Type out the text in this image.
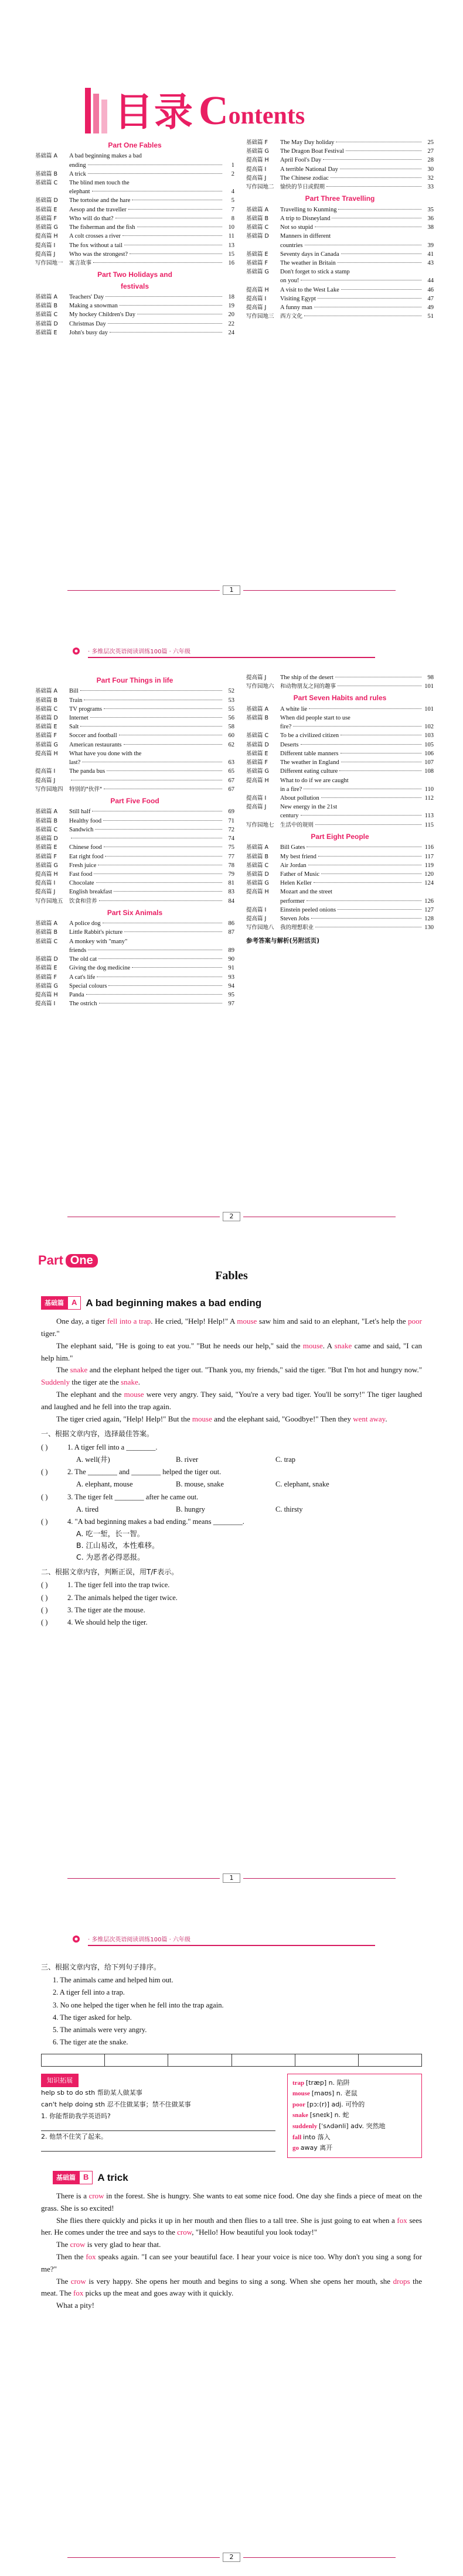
目录 C ontents
Part One Fables
基础篇 A	A bad beginning makes a bad
ending	1
基础篇 B	A trick	2
基础篇 C	The blind men touch the
elephant	4
基础篇 D	The tortoise and the hare	5
基础篇 E	Aesop and the traveller	7
基础篇 F	Who will do that?	8
基础篇 G	The fisherman and the fish	10
提高篇 H	A colt crosses a river	11
提高篇 I	The fox without a tail	13
提高篇 J	Who was the strongest?	15
写作园地一	寓言故事	16
Part Two Holidays and
festivals
基础篇 A	Teachers' Day	18
基础篇 B	Making a snowman	19
基础篇 C	My hockey Children's Day	20
基础篇 D	Christmas Day	22
基础篇 E	John's busy day	24
基础篇 F	The May Day holiday	25
基础篇 G	The Dragon Boat Festival	27
提高篇 H	April Fool's Day	28
提高篇 I	A terrible National Day	30
提高篇 J	The Chinese zodiac	32
写作园地二	愉快的节日或假期	33
Part Three Travelling
基础篇 A	Travelling to Kunming	35
基础篇 B	A trip to Disneyland	36
基础篇 C	Not so stupid	38
基础篇 D	Manners in different
countries	39
基础篇 E	Seventy days in Canada	41
基础篇 F	The weather in Britain	43
基础篇 G	Don't forget to stick a stamp
on you!	44
提高篇 H	A visit to the West Lake	46
提高篇 I	Visiting Egypt	47
提高篇 J	A funny man	49
写作园地三	西方文化	51
1
· 多维层次英语阅读训练100篇 · 六年级
Part Four Things in life
基础篇 A	Bill	52
基础篇 B	Train	53
基础篇 C	TV programs	55
基础篇 D	Internet	56
基础篇 E	Salt	58
基础篇 F	Soccer and football	60
基础篇 G	American restaurants	62
提高篇 H	What have you done with the
last?	63
提高篇 I	The panda bus	65
提高篇 J	67
写作园地四	特别的"伙伴"	67
Part Five Food
基础篇 A	Still half	69
基础篇 B	Healthy food	71
基础篇 C	Sandwich	72
基础篇 D	74
基础篇 E	Chinese food	75
基础篇 F	Eat right food	77
基础篇 G	Fresh juice	78
提高篇 H	Fast food	79
提高篇 I	Chocolate	81
提高篇 J	English breakfast	83
写作园地五	饮食和营养	84
Part Six Animals
基础篇 A	A police dog	86
基础篇 B	Little Rabbit's picture	87
基础篇 C	A monkey with "many"
friends	89
基础篇 D	The old cat	90
基础篇 E	Giving the dog medicine	91
基础篇 F	A cat's life	93
基础篇 G	Special colours	94
提高篇 H	Panda	95
提高篇 I	The ostrich	97
提高篇 J	The ship of the desert	98
写作园地六	和动物朋友之间的趣事	101
Part Seven Habits and rules
基础篇 A	A white lie	101
基础篇 B	When did people start to use
fire?	102
基础篇 C	To be a civilized citizen	103
基础篇 D	Deserts	105
基础篇 E	Different table manners	106
基础篇 F	The weather in England	107
基础篇 G	Different eating culture	108
提高篇 H	What to do if we are caught
in a fire?	110
提高篇 I	About pollution	112
提高篇 J	New energy in the 21st
century	113
写作园地七	生活中的规则	115
Part Eight People
基础篇 A	Bill Gates	116
基础篇 B	My best friend	117
基础篇 C	Air Jordan	119
基础篇 D	Father of Music	120
基础篇 G	Helen Keller	124
提高篇 H	Mozart and the street
performer	126
提高篇 I	Einstein peeled onions	127
提高篇 J	Steven Jobs	128
写作园地八	我的理想职业	130
参考答案与解析(另附活页)
2
Part One
Fables
基础篇	A A bad beginning makes a bad ending

One day, a tiger fell into a trap. He cried, "Help! Help!" A mouse saw him and said to an elephant, "Let's help the poor tiger."

The elephant said, "He is going to eat you." "But he needs our help," said the mouse. A snake came and said, "I can help him."

The snake and the elephant helped the tiger out. "Thank you, my friends," said the tiger. "But I'm hot and hungry now." Suddenly the tiger ate the snake.

The elephant and the mouse were very angry. They said, "You're a very bad tiger. You'll be sorry!" The tiger laughed and laughed and he fell into the trap again.

The tiger cried again, "Help! Help!" But the mouse and the elephant said, "Goodbye!" Then they went away.

一、根据文章内容，选择最佳答案。
( )	1. A tiger fell into a ________.
A. well(井)	B. river	C. trap
( )	2. The ________ and ________ helped the tiger out.
A. elephant, mouse	B. mouse, snake	C. elephant, snake
( )	3. The tiger felt ________ after he came out.
A. tired	B. hungry	C. thirsty
( )	4. "A bad beginning makes a bad ending." means ________.
A. 吃一堑，长一智。
B. 江山易改，本性难移。
C. 为恶者必得恶报。
二、根据文章内容，判断正误，用T/F表示。
( )	1. The tiger fell into the trap twice.
( )	2. The animals helped the tiger twice.
( )	3. The tiger ate the mouse.
( )	4. We should help the tiger.
1
· 多维层次英语阅读训练100篇 · 六年级
三、根据文章内容，给下列句子排序。
1. The animals came and helped him out.
2. A tiger fell into a trap.
3. No one helped the tiger when he fell into the trap again.
4. The tiger asked for help.
5. The animals were very angry.
6. The tiger ate the snake.
知识拓展
help sb to do sth 帮助某人做某事
can't help doing sth 忍不住做某事；禁不住做某事
1. 你能帮助我学英语吗?
2. 他禁不住笑了起来。
trap [træp] n. 陷阱
mouse [maʊs] n. 老鼠
poor [pɔː(r)] adj. 可怜的
snake [sneɪk] n. 蛇
suddenly [ˈsʌdənli] adv. 突然地
fall into 落入
go away 离开
基础篇	B A trick

There is a crow in the forest. She is hungry. She wants to eat some nice food. One day she finds a piece of meat on the grass. She is so excited!

She flies there quickly and picks it up in her mouth and then flies to a tall tree. She is just going to eat when a fox sees her. He comes under the tree and says to the crow, "Hello! How beautiful you look today!"

The crow is very glad to hear that.

Then the fox speaks again. "I can see your beautiful face. I hear your voice is nice too. Why don't you sing a song for me?"

The crow is very happy. She opens her mouth and begins to sing a song. When she opens her mouth, she drops the meat. The fox picks up the meat and goes away with it quickly.

What a pity!

2
